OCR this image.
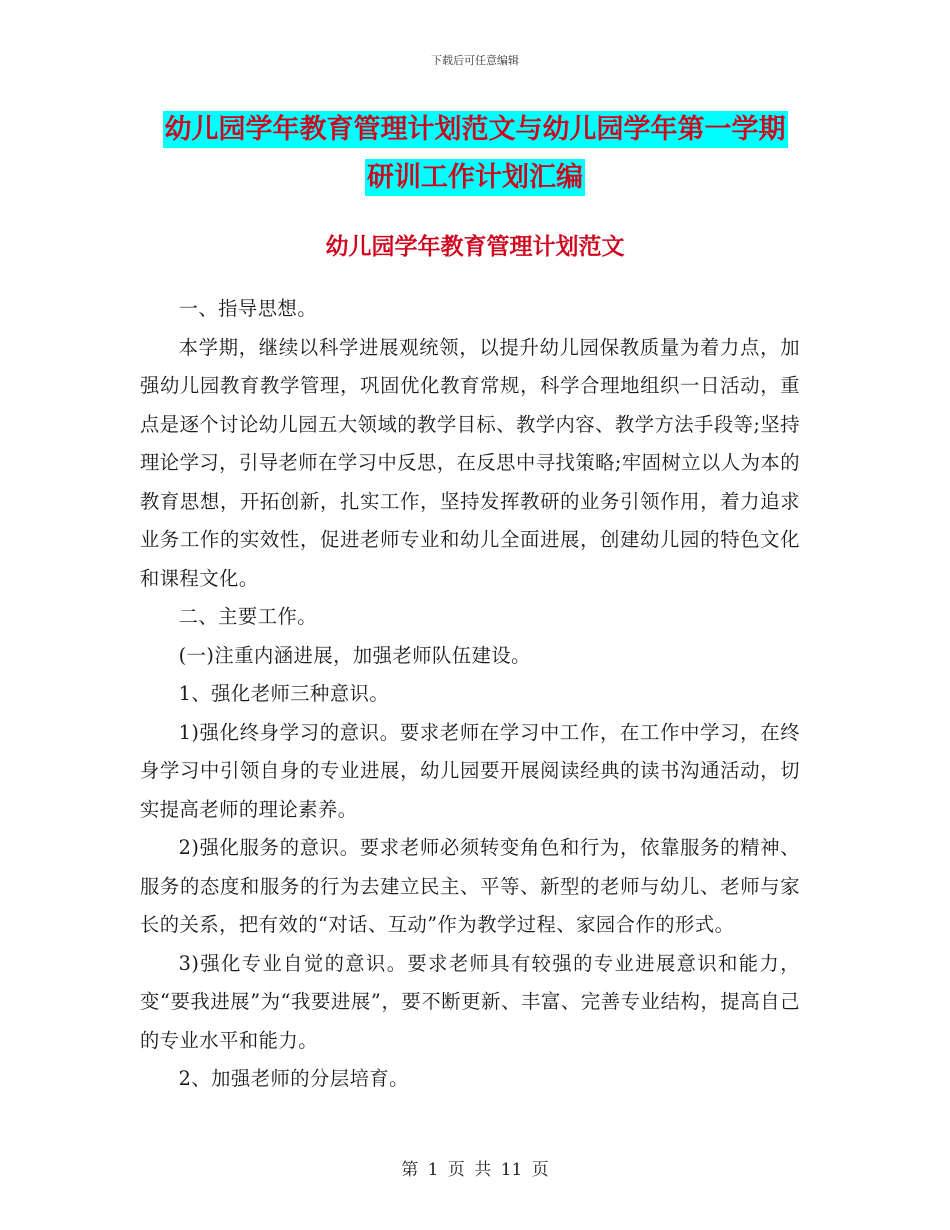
下载后可任意编辑
幼儿园学年教育管理计划范文与幼儿园学年第一学期
研训工作计划汇编
幼儿园学年教育管理计划范文

一、指导思想。

本学期，继续以科学进展观统领，以提升幼儿园保教质量为着力点，加强幼儿园教育教学管理，巩固优化教育常规，科学合理地组织一日活动，重点是逐个讨论幼儿园五大领域的教学目标、教学内容、教学方法手段等;坚持理论学习，引导老师在学习中反思，在反思中寻找策略;牢固树立以人为本的教育思想，开拓创新，扎实工作，坚持发挥教研的业务引领作用，着力追求业务工作的实效性，促进老师专业和幼儿全面进展，创建幼儿园的特色文化和课程文化。

二、主要工作。

(一)注重内涵进展，加强老师队伍建设。

1、强化老师三种意识。

1)强化终身学习的意识。要求老师在学习中工作，在工作中学习，在终身学习中引领自身的专业进展，幼儿园要开展阅读经典的读书沟通活动，切实提高老师的理论素养。

2)强化服务的意识。要求老师必须转变角色和行为，依靠服务的精神、服务的态度和服务的行为去建立民主、平等、新型的老师与幼儿、老师与家长的关系，把有效的“对话、互动”作为教学过程、家园合作的形式。

3)强化专业自觉的意识。要求老师具有较强的专业进展意识和能力，变“要我进展”为“我要进展”，要不断更新、丰富、完善专业结构，提高自己的专业水平和能力。

2、加强老师的分层培育。

第 1 页 共 11 页
